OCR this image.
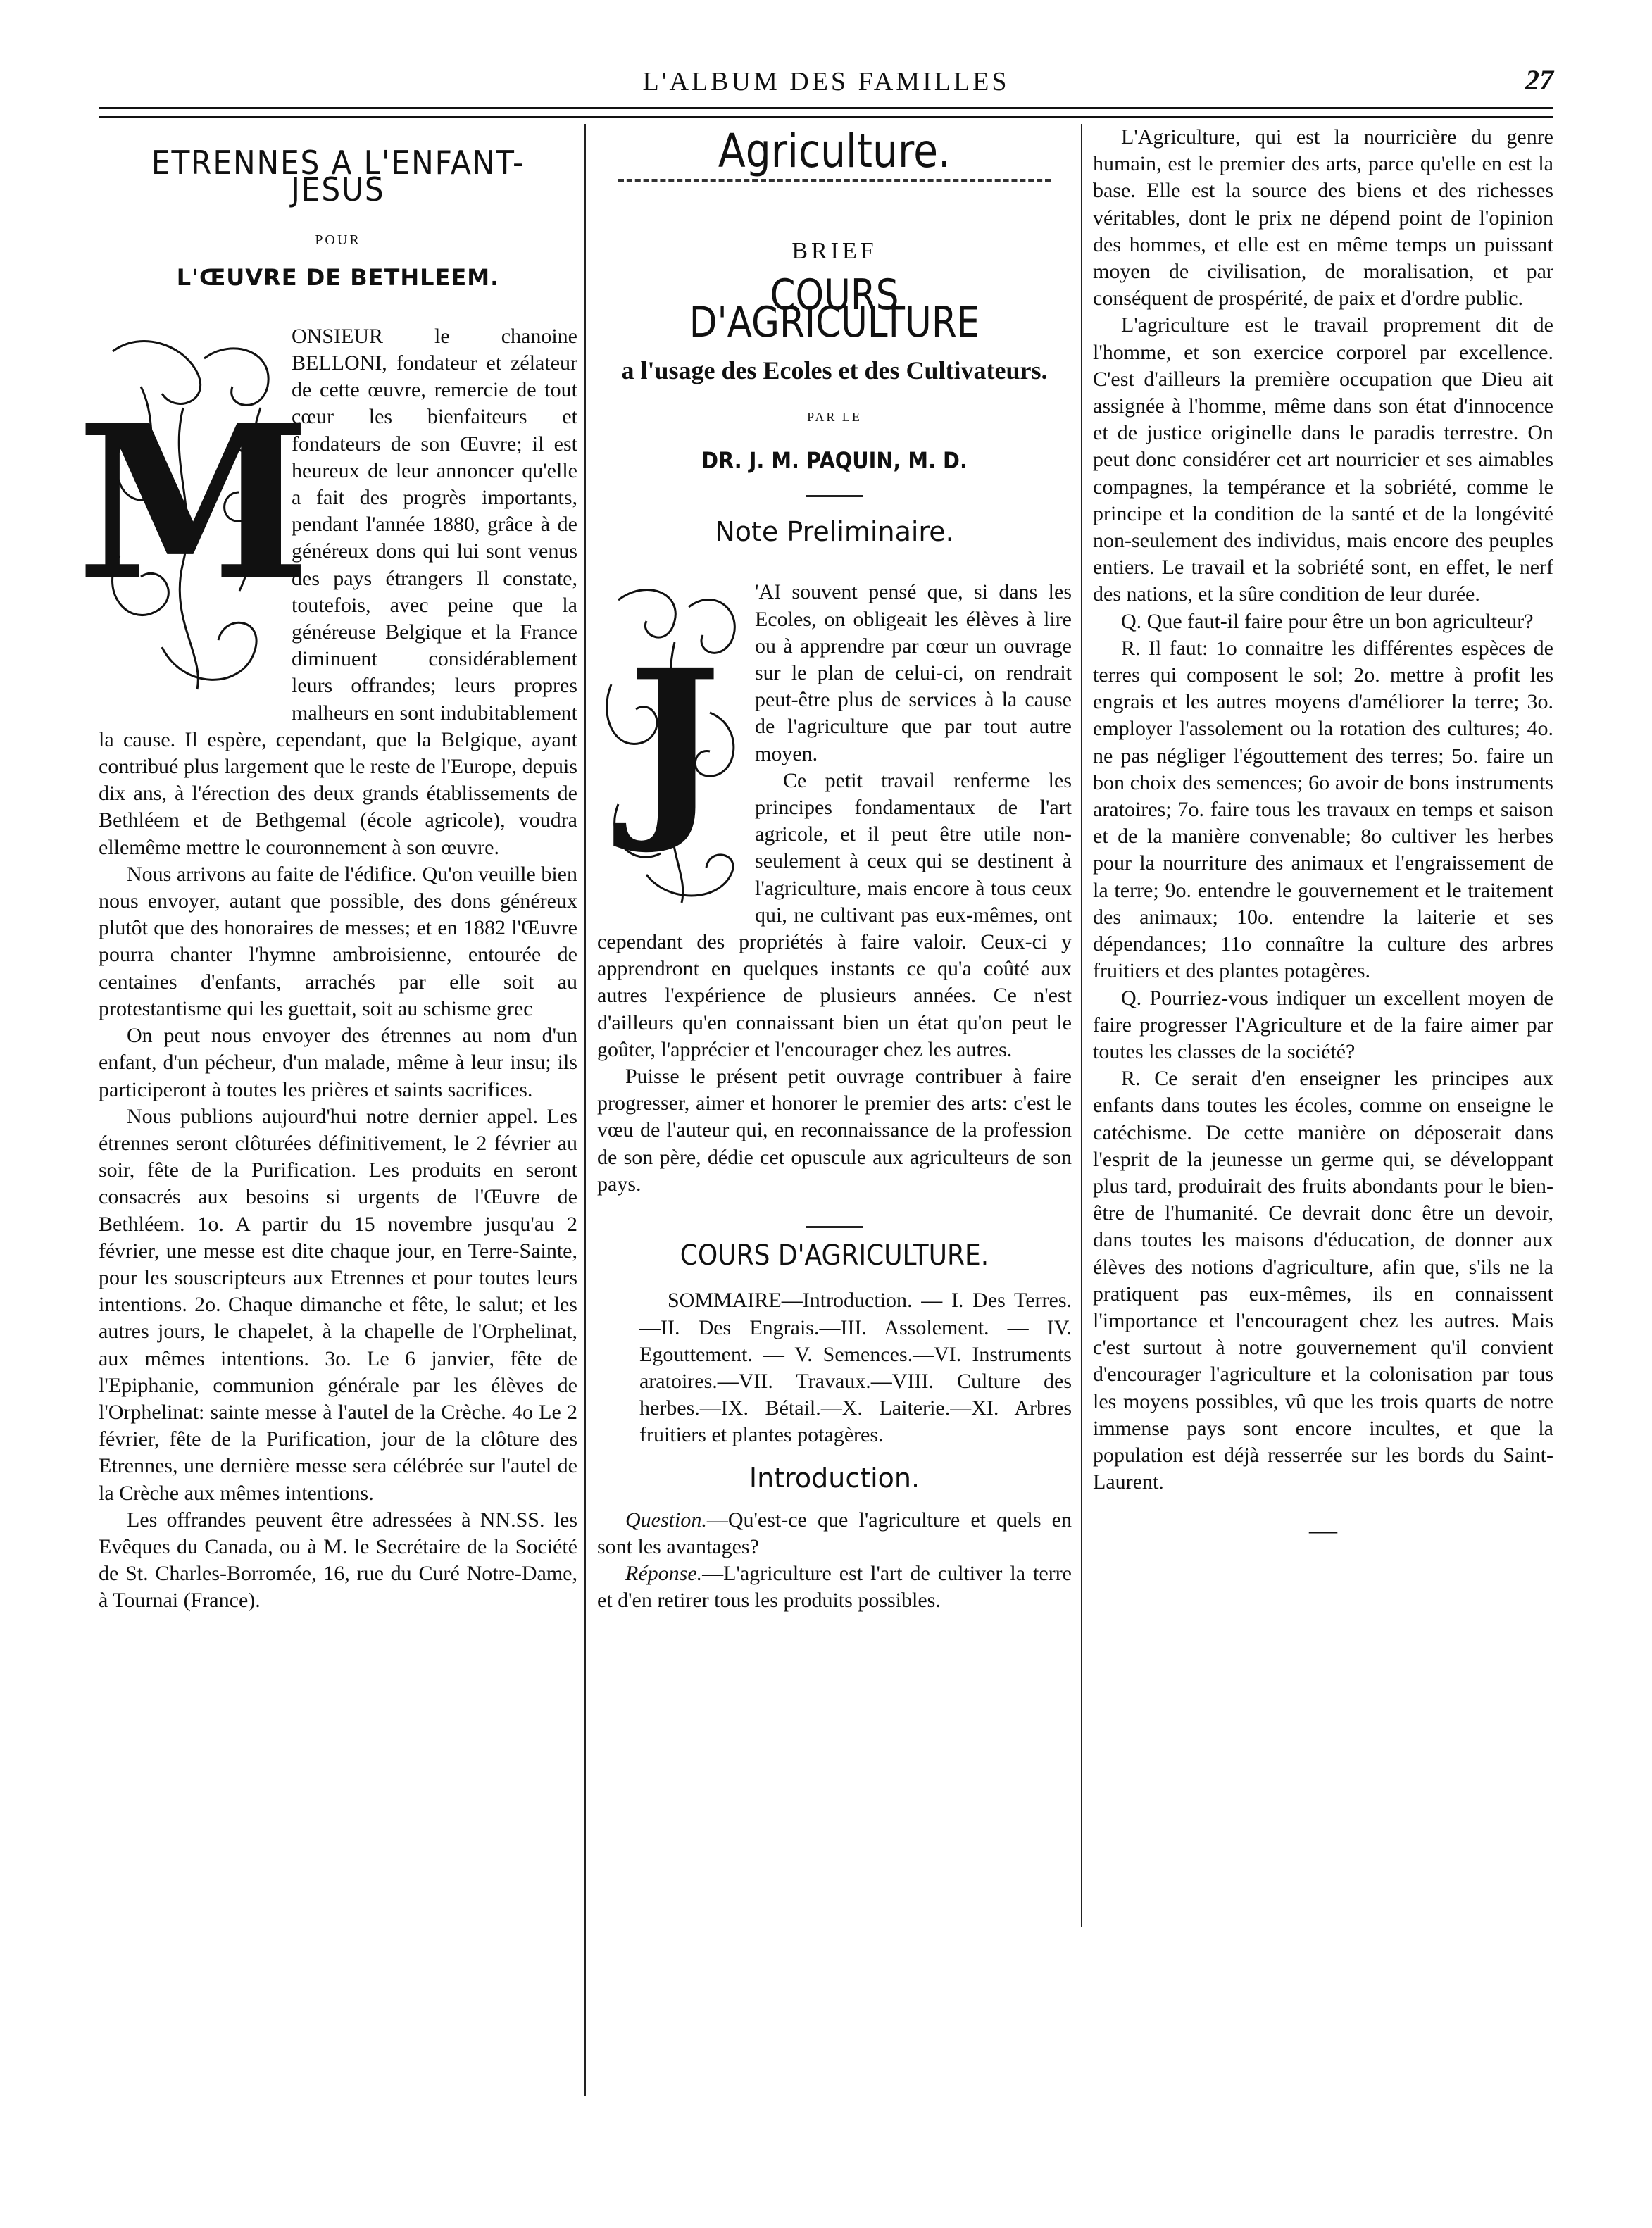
L'ALBUM DES FAMILLES	27
ETRENNES A L'ENFANT-JESUS
POUR
L'ŒUVRE DE BETHLEEM.
M

ONSIEUR le chanoine BELLONI, fondateur et zélateur de cette œuvre, remercie de tout cœur les bienfaiteurs et fondateurs de son Œuvre; il est heureux de leur annoncer qu'elle a fait des progrès importants, pendant l'année 1880, grâce à de généreux dons qui lui sont venus des pays étrangers Il constate, toutefois, avec peine que la généreuse Belgique et la France diminuent considérablement leurs offrandes; leurs propres malheurs en sont indubitablement la cause. Il espère, cependant, que la Belgique, ayant contribué plus largement que le reste de l'Europe, depuis dix ans, à l'érection des deux grands établissements de Bethléem et de Bethgemal (école agricole), voudra ellemême mettre le couronnement à son œuvre.

Nous arrivons au faite de l'édifice. Qu'on veuille bien nous envoyer, autant que possible, des dons généreux plutôt que des honoraires de messes; et en 1882 l'Œuvre pourra chanter l'hymne ambroisienne, entourée de centaines d'enfants, arrachés par elle soit au protestantisme qui les guettait, soit au schisme grec

On peut nous envoyer des étrennes au nom d'un enfant, d'un pécheur, d'un malade, même à leur insu; ils participeront à toutes les prières et saints sacrifices.

Nous publions aujourd'hui notre dernier appel. Les étrennes seront clôturées définitivement, le 2 février au soir, fête de la Purification. Les produits en seront consacrés aux besoins si urgents de l'Œuvre de Bethléem. 1o. A partir du 15 novembre jusqu'au 2 février, une messe est dite chaque jour, en Terre-Sainte, pour les souscripteurs aux Etrennes et pour toutes leurs intentions. 2o. Chaque dimanche et fête, le salut; et les autres jours, le chapelet, à la chapelle de l'Orphelinat, aux mêmes intentions. 3o. Le 6 janvier, fête de l'Epiphanie, communion générale par les élèves de l'Orphelinat: sainte messe à l'autel de la Crèche. 4o Le 2 février, fête de la Purification, jour de la clôture des Etrennes, une dernière messe sera célébrée sur l'autel de la Crèche aux mêmes intentions.

Les offrandes peuvent être adressées à NN.SS. les Evêques du Canada, ou à M. le Secrétaire de la Société de St. Charles-Borromée, 16, rue du Curé Notre-Dame, à Tournai (France).

Agriculture.
BRIEF
COURS D'AGRICULTURE
a l'usage des Ecoles et des Cultivateurs.
PAR LE
DR. J. M. PAQUIN, M. D.
Note Preliminaire.
J

'AI souvent pensé que, si dans les Ecoles, on obligeait les élèves à lire ou à apprendre par cœur un ouvrage sur le plan de celui-ci, on rendrait peut-être plus de services à la cause de l'agriculture que par tout autre moyen.

Ce petit travail renferme les principes fondamentaux de l'art agricole, et il peut être utile non-seulement à ceux qui se destinent à l'agriculture, mais encore à tous ceux qui, ne cultivant pas eux-mêmes, ont cependant des propriétés à faire valoir. Ceux-ci y apprendront en quelques instants ce qu'a coûté aux autres l'expérience de plusieurs années. Ce n'est d'ailleurs qu'en connaissant bien un état qu'on peut le goûter, l'apprécier et l'encourager chez les autres.

Puisse le présent petit ouvrage contribuer à faire progresser, aimer et honorer le premier des arts: c'est le vœu de l'auteur qui, en reconnaissance de la profession de son père, dédie cet opuscule aux agriculteurs de son pays.

COURS D'AGRICULTURE.

SOMMAIRE—Introduction. — I. Des Terres.—II. Des Engrais.—III. Assolement. — IV. Egouttement. — V. Semences.—VI. Instruments aratoires.—VII. Travaux.—VIII. Culture des herbes.—IX. Bétail.—X. Laiterie.—XI. Arbres fruitiers et plantes potagères.

Introduction.

Question.—Qu'est-ce que l'agriculture et quels en sont les avantages?

Réponse.—L'agriculture est l'art de cultiver la terre et d'en retirer tous les produits possibles.

L'Agriculture, qui est la nourricière du genre humain, est le premier des arts, parce qu'elle en est la base. Elle est la source des biens et des richesses véritables, dont le prix ne dépend point de l'opinion des hommes, et elle est en même temps un puissant moyen de civilisation, de moralisation, et par conséquent de prospérité, de paix et d'ordre public.

L'agriculture est le travail proprement dit de l'homme, et son exercice corporel par excellence. C'est d'ailleurs la première occupation que Dieu ait assignée à l'homme, même dans son état d'innocence et de justice originelle dans le paradis terrestre. On peut donc considérer cet art nourricier et ses aimables compagnes, la tempérance et la sobriété, comme le principe et la condition de la santé et de la longévité non-seulement des individus, mais encore des peuples entiers. Le travail et la sobriété sont, en effet, le nerf des nations, et la sûre condition de leur durée.

Q. Que faut-il faire pour être un bon agriculteur?

R. Il faut: 1o connaitre les différentes espèces de terres qui composent le sol; 2o. mettre à profit les engrais et les autres moyens d'améliorer la terre; 3o. employer l'assolement ou la rotation des cultures; 4o. ne pas négliger l'égouttement des terres; 5o. faire un bon choix des semences; 6o avoir de bons instruments aratoires; 7o. faire tous les travaux en temps et saison et de la manière convenable; 8o cultiver les herbes pour la nourriture des animaux et l'engraissement de la terre; 9o. entendre le gouvernement et le traitement des animaux; 10o. entendre la laiterie et ses dépendances; 11o connaître la culture des arbres fruitiers et des plantes potagères.

Q. Pourriez-vous indiquer un excellent moyen de faire progresser l'Agriculture et de la faire aimer par toutes les classes de la société?

R. Ce serait d'en enseigner les principes aux enfants dans toutes les écoles, comme on enseigne le catéchisme. De cette manière on déposerait dans l'esprit de la jeunesse un germe qui, se développant plus tard, produirait des fruits abondants pour le bien-être de l'humanité. Ce devrait donc être un devoir, dans toutes les maisons d'éducation, de donner aux élèves des notions d'agriculture, afin que, s'ils ne la pratiquent pas eux-mêmes, ils en connaissent l'importance et l'encouragent chez les autres. Mais c'est surtout à notre gouvernement qu'il convient d'encourager l'agriculture et la colonisation par tous les moyens possibles, vû que les trois quarts de notre immense pays sont encore incultes, et que la population est déjà resserrée sur les bords du Saint-Laurent.

—
